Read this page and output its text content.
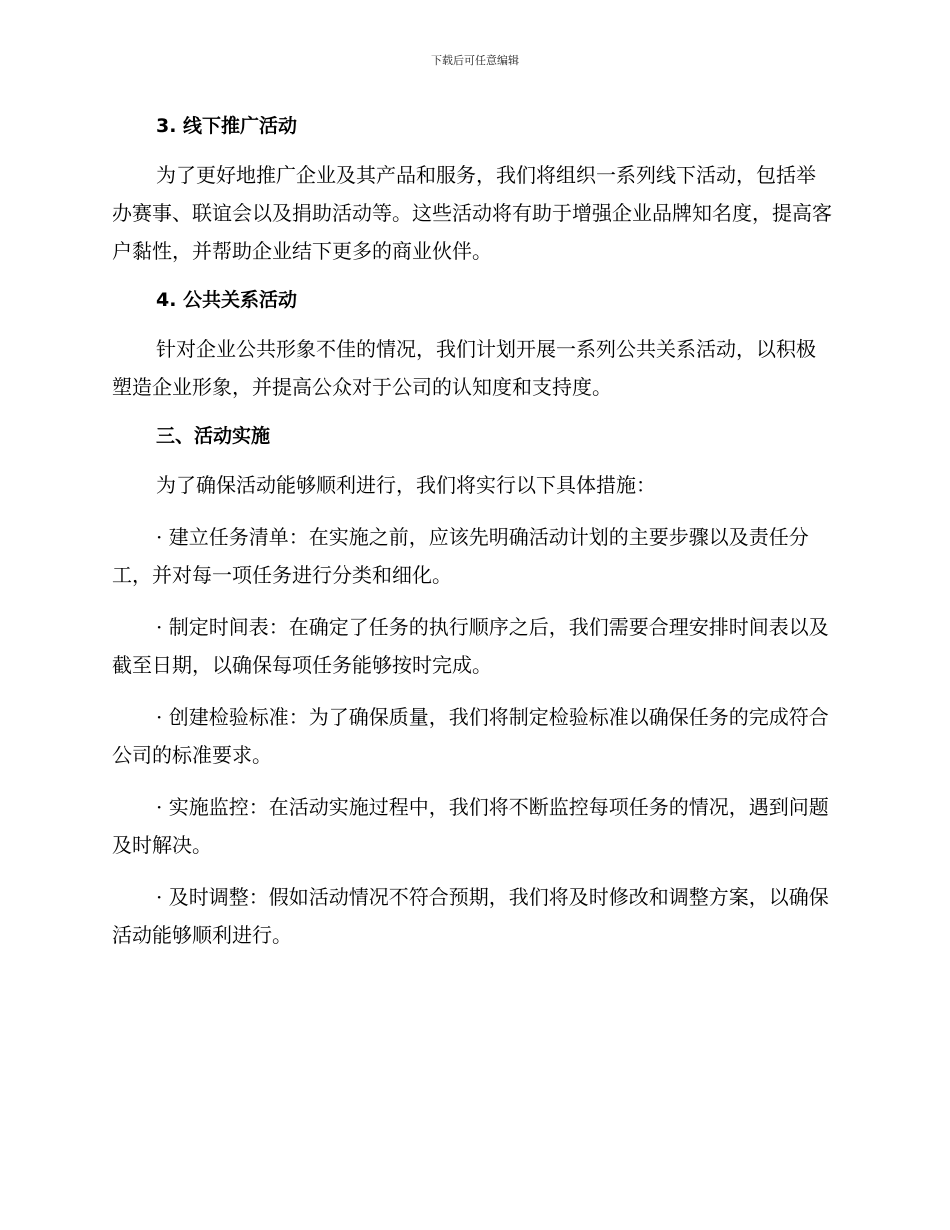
下载后可任意编辑
3. 线下推广活动
为了更好地推广企业及其产品和服务，我们将组织一系列线下活动，包括举办赛事、联谊会以及捐助活动等。这些活动将有助于增强企业品牌知名度，提高客户黏性，并帮助企业结下更多的商业伙伴。
4. 公共关系活动
针对企业公共形象不佳的情况，我们计划开展一系列公共关系活动，以积极塑造企业形象，并提高公众对于公司的认知度和支持度。
三、活动实施
为了确保活动能够顺利进行，我们将实行以下具体措施：
· 建立任务清单：在实施之前，应该先明确活动计划的主要步骤以及责任分工，并对每一项任务进行分类和细化。
· 制定时间表：在确定了任务的执行顺序之后，我们需要合理安排时间表以及截至日期，以确保每项任务能够按时完成。
· 创建检验标准：为了确保质量，我们将制定检验标准以确保任务的完成符合公司的标准要求。
· 实施监控：在活动实施过程中，我们将不断监控每项任务的情况，遇到问题及时解决。
· 及时调整：假如活动情况不符合预期，我们将及时修改和调整方案，以确保活动能够顺利进行。
